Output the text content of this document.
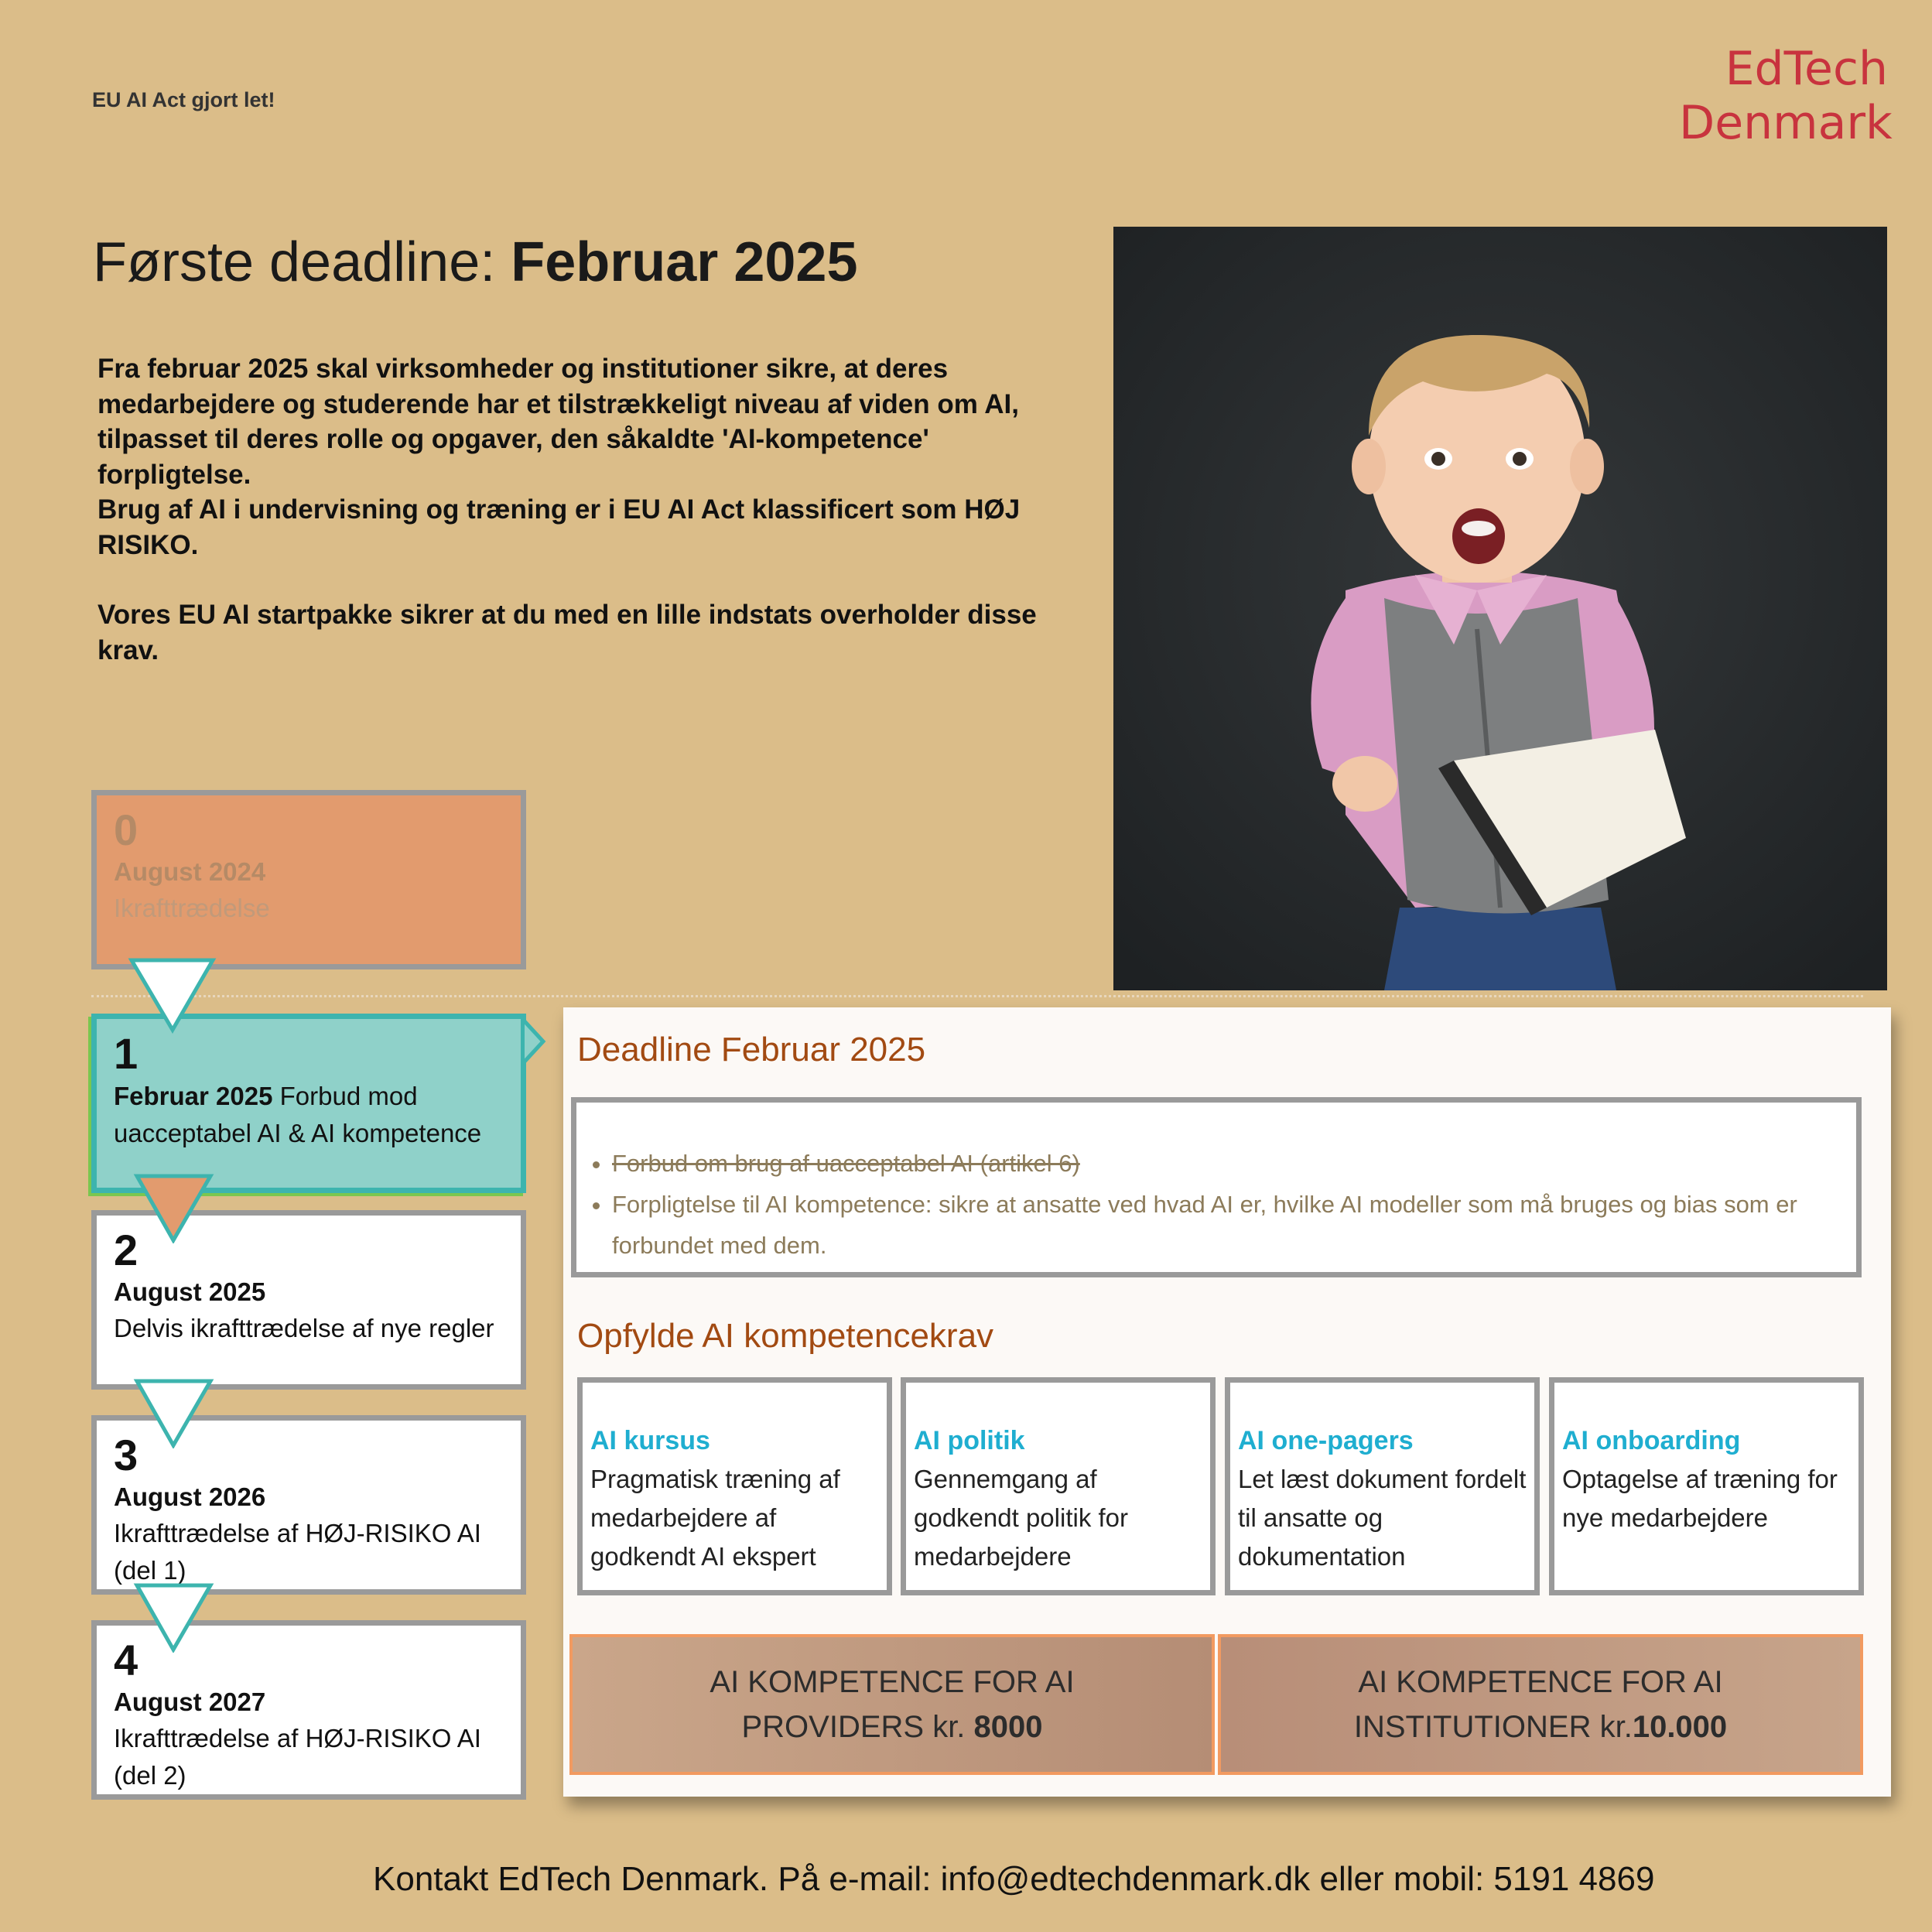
EU AI Act gjort let!
EdTech
Denmark
Første deadline: Februar 2025

Fra februar 2025 skal virksomheder og institutioner sikre, at deres medarbejdere og studerende har et tilstrækkeligt niveau af viden om AI, tilpasset til deres rolle og opgaver, den såkaldte 'AI-kompetence' forpligtelse.

Brug af AI i undervisning og træning er i EU AI Act klassificert som HØJ RISIKO.

Vores EU AI startpakke sikrer at du med en lille indstats overholder disse krav.

0
August 2024
Ikrafttrædelse
1
Februar 2025 Forbud mod uacceptabel AI & AI kompetence
2
August 2025
Delvis ikrafttrædelse af nye regler
3
August 2026
Ikrafttrædelse af HØJ-RISIKO AI (del 1)
4
August 2027
Ikrafttrædelse af HØJ-RISIKO AI (del 2)
Deadline Februar 2025
• Forbud om brug af uacceptabel AI (artikel 6)
• Forpligtelse til AI kompetence: sikre at ansatte ved hvad AI er, hvilke AI modeller som må bruges og bias som er forbundet med dem.
Opfylde AI kompetencekrav
AI kursus
Pragmatisk træning af medarbejdere af godkendt AI ekspert
AI politik
Gennemgang af godkendt politik for medarbejdere
AI one-pagers
Let læst dokument fordelt til ansatte og dokumentation
AI onboarding
Optagelse af træning for nye medarbejdere
AI KOMPETENCE FOR AI PROVIDERS kr. 8000
AI KOMPETENCE FOR AI INSTITUTIONER kr.10.000
Kontakt EdTech Denmark. På e-mail: info@edtechdenmark.dk eller mobil: 5191 4869
